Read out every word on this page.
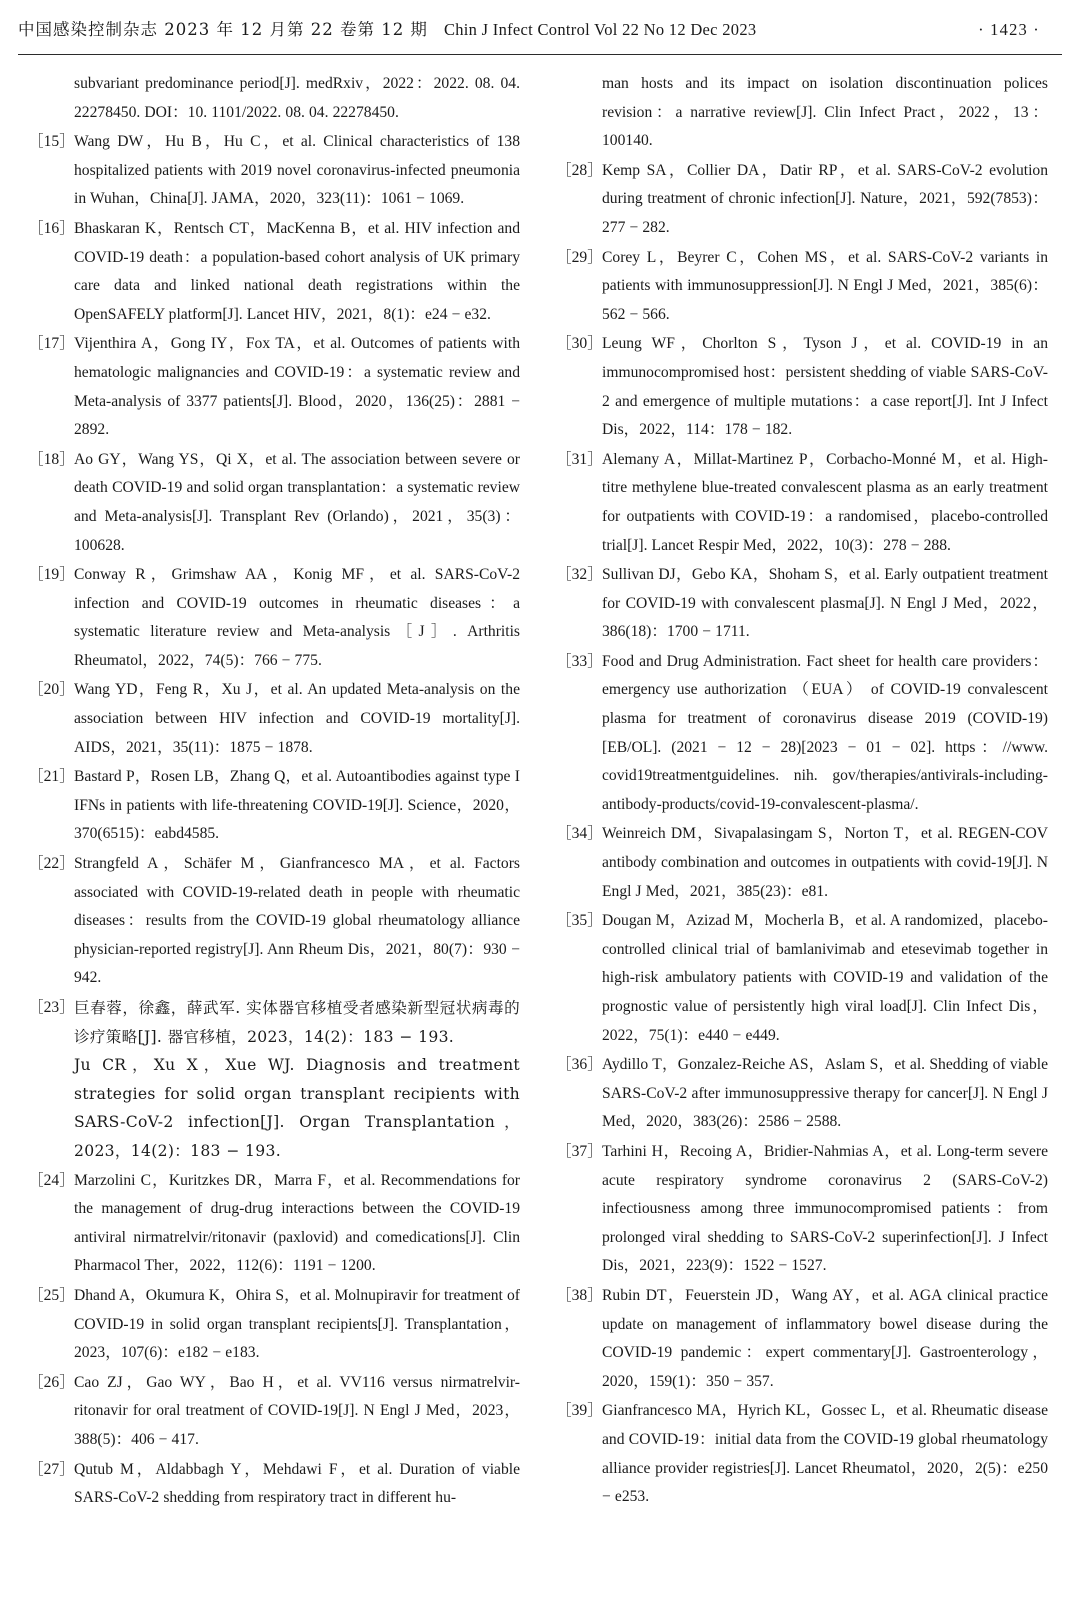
中国感染控制杂志 2023 年 12 月第 22 卷第 12 期 Chin J Infect Control Vol 22 No 12 Dec 2023	· 1423 ·
subvariant predominance period[J]. medRxiv，2022：2022. 08. 04. 22278450. DOI：10. 1101/2022. 08. 04. 22278450.
［15］ Wang DW，Hu B，Hu C，et al. Clinical characteristics of 138 hospitalized patients with 2019 novel coronavirus-infected pneumonia in Wuhan，China[J]. JAMA，2020，323(11)：1061 − 1069.
［16］ Bhaskaran K，Rentsch CT，MacKenna B，et al. HIV infection and COVID-19 death：a population-based cohort analysis of UK primary care data and linked national death registrations within the OpenSAFELY platform[J]. Lancet HIV，2021，8(1)：e24 − e32.
［17］ Vijenthira A，Gong IY，Fox TA，et al. Outcomes of patients with hematologic malignancies and COVID-19：a systematic review and Meta-analysis of 3377 patients[J]. Blood，2020，136(25)：2881 − 2892.
［18］ Ao GY，Wang YS，Qi X，et al. The association between severe or death COVID-19 and solid organ transplantation：a systematic review and Meta-analysis[J]. Transplant Rev (Orlando)，2021，35(3)：100628.
［19］ Conway R，Grimshaw AA，Konig MF，et al. SARS-CoV-2 infection and COVID-19 outcomes in rheumatic diseases：a systematic literature review and Meta-analysis［J］. Arthritis Rheumatol，2022，74(5)：766 − 775.
［20］ Wang YD，Feng R，Xu J，et al. An updated Meta-analysis on the association between HIV infection and COVID-19 mortality[J]. AIDS，2021，35(11)：1875 − 1878.
［21］ Bastard P，Rosen LB，Zhang Q，et al. Autoantibodies against type I IFNs in patients with life-threatening COVID-19[J]. Science，2020，370(6515)：eabd4585.
［22］ Strangfeld A，Schäfer M，Gianfrancesco MA，et al. Factors associated with COVID-19-related death in people with rheumatic diseases：results from the COVID-19 global rheumatology alliance physician-reported registry[J]. Ann Rheum Dis，2021，80(7)：930 − 942.
［23］ 巨春蓉，徐鑫，薛武军. 实体器官移植受者感染新型冠状病毒的诊疗策略[J]. 器官移植，2023，14(2)：183 − 193.
Ju CR，Xu X，Xue WJ. Diagnosis and treatment strategies for solid organ transplant recipients with SARS-CoV-2 infection[J]. Organ Transplantation，2023，14(2)：183 − 193.
［24］ Marzolini C，Kuritzkes DR，Marra F，et al. Recommendations for the management of drug-drug interactions between the COVID-19 antiviral nirmatrelvir/ritonavir (paxlovid) and comedications[J]. Clin Pharmacol Ther，2022，112(6)：1191 − 1200.
［25］ Dhand A，Okumura K，Ohira S，et al. Molnupiravir for treatment of COVID-19 in solid organ transplant recipients[J]. Transplantation，2023，107(6)：e182 − e183.
［26］ Cao ZJ，Gao WY，Bao H，et al. VV116 versus nirmatrelvir-ritonavir for oral treatment of COVID-19[J]. N Engl J Med，2023，388(5)：406 − 417.
［27］ Qutub M，Aldabbagh Y，Mehdawi F，et al. Duration of viable SARS-CoV-2 shedding from respiratory tract in different hu-
man hosts and its impact on isolation discontinuation polices revision：a narrative review[J]. Clin Infect Pract，2022，13：100140.
［28］ Kemp SA，Collier DA，Datir RP，et al. SARS-CoV-2 evolution during treatment of chronic infection[J]. Nature，2021，592(7853)：277 − 282.
［29］ Corey L，Beyrer C，Cohen MS，et al. SARS-CoV-2 variants in patients with immunosuppression[J]. N Engl J Med，2021，385(6)：562 − 566.
［30］ Leung WF，Chorlton S，Tyson J，et al. COVID-19 in an immunocompromised host：persistent shedding of viable SARS-CoV-2 and emergence of multiple mutations：a case report[J]. Int J Infect Dis，2022，114：178 − 182.
［31］ Alemany A，Millat-Martinez P，Corbacho-Monné M，et al. High-titre methylene blue-treated convalescent plasma as an early treatment for outpatients with COVID-19：a randomised，placebo-controlled trial[J]. Lancet Respir Med，2022，10(3)：278 − 288.
［32］ Sullivan DJ，Gebo KA，Shoham S，et al. Early outpatient treatment for COVID-19 with convalescent plasma[J]. N Engl J Med，2022，386(18)：1700 − 1711.
［33］ Food and Drug Administration. Fact sheet for health care providers：emergency use authorization （EUA） of COVID-19 convalescent plasma for treatment of coronavirus disease 2019 (COVID-19)[EB/OL]. (2021 − 12 − 28)[2023 − 01 − 02]. https：//www. covid19treatmentguidelines. nih. gov/therapies/antivirals-including-antibody-products/covid-19-convalescent-plasma/.
［34］ Weinreich DM，Sivapalasingam S，Norton T，et al. REGEN-COV antibody combination and outcomes in outpatients with covid-19[J]. N Engl J Med，2021，385(23)：e81.
［35］ Dougan M，Azizad M，Mocherla B，et al. A randomized，placebo-controlled clinical trial of bamlanivimab and etesevimab together in high-risk ambulatory patients with COVID-19 and validation of the prognostic value of persistently high viral load[J]. Clin Infect Dis，2022，75(1)：e440 − e449.
［36］ Aydillo T，Gonzalez-Reiche AS，Aslam S，et al. Shedding of viable SARS-CoV-2 after immunosuppressive therapy for cancer[J]. N Engl J Med，2020，383(26)：2586 − 2588.
［37］ Tarhini H，Recoing A，Bridier-Nahmias A，et al. Long-term severe acute respiratory syndrome coronavirus 2 (SARS-CoV-2) infectiousness among three immunocompromised patients：from prolonged viral shedding to SARS-CoV-2 superinfection[J]. J Infect Dis，2021，223(9)：1522 − 1527.
［38］ Rubin DT，Feuerstein JD，Wang AY，et al. AGA clinical practice update on management of inflammatory bowel disease during the COVID-19 pandemic：expert commentary[J]. Gastroenterology，2020，159(1)：350 − 357.
［39］ Gianfrancesco MA，Hyrich KL，Gossec L，et al. Rheumatic disease and COVID-19：initial data from the COVID-19 global rheumatology alliance provider registries[J]. Lancet Rheumatol，2020，2(5)：e250 − e253.
